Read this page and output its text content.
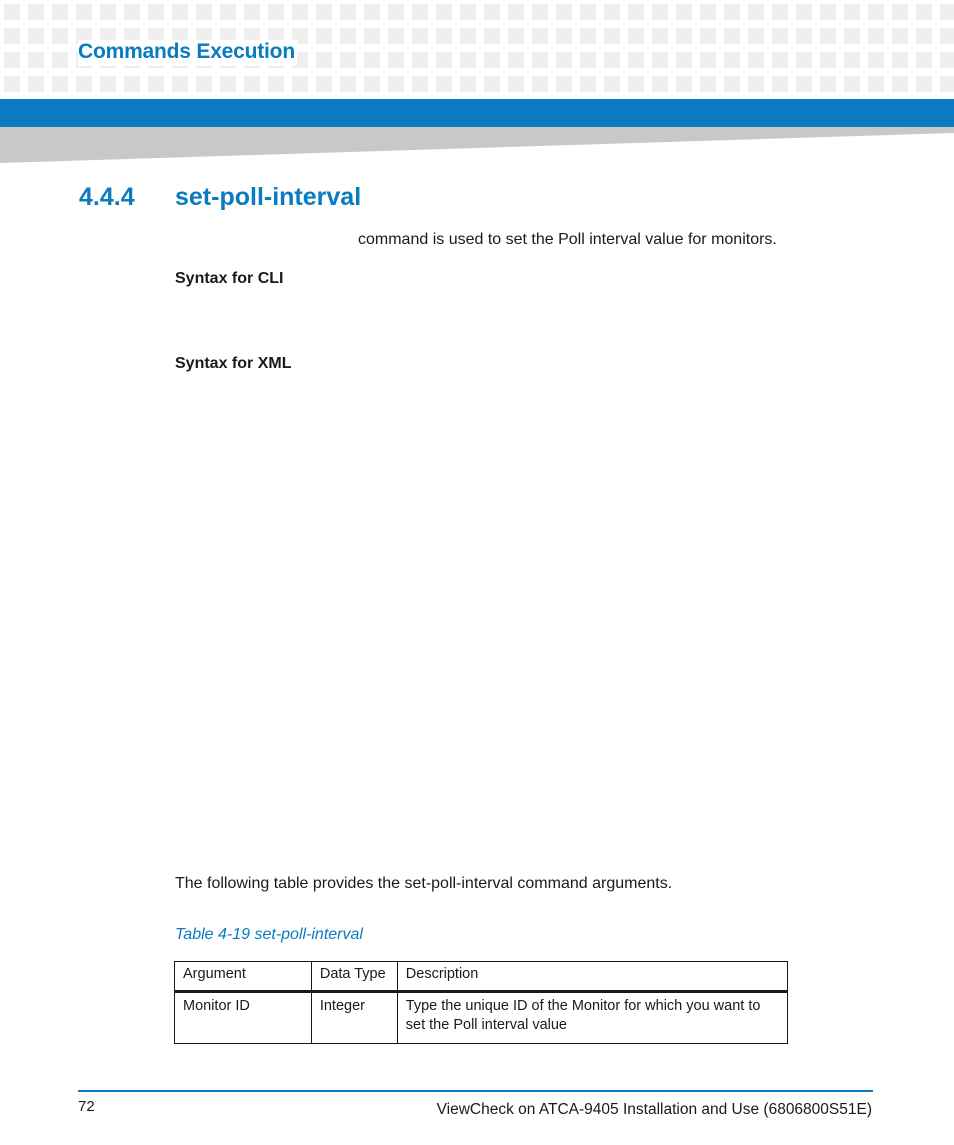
Commands Execution
4.4.4 set-poll-interval
command is used to set the Poll interval value for monitors.
Syntax for CLI
Syntax for XML
The following table provides the set-poll-interval command arguments.
Table 4-19 set-poll-interval
Argument	Data Type	Description
Monitor ID	Integer	Type the unique ID of the Monitor for which you want to set the Poll interval value
72	ViewCheck on ATCA-9405 Installation and Use (6806800S51E)
